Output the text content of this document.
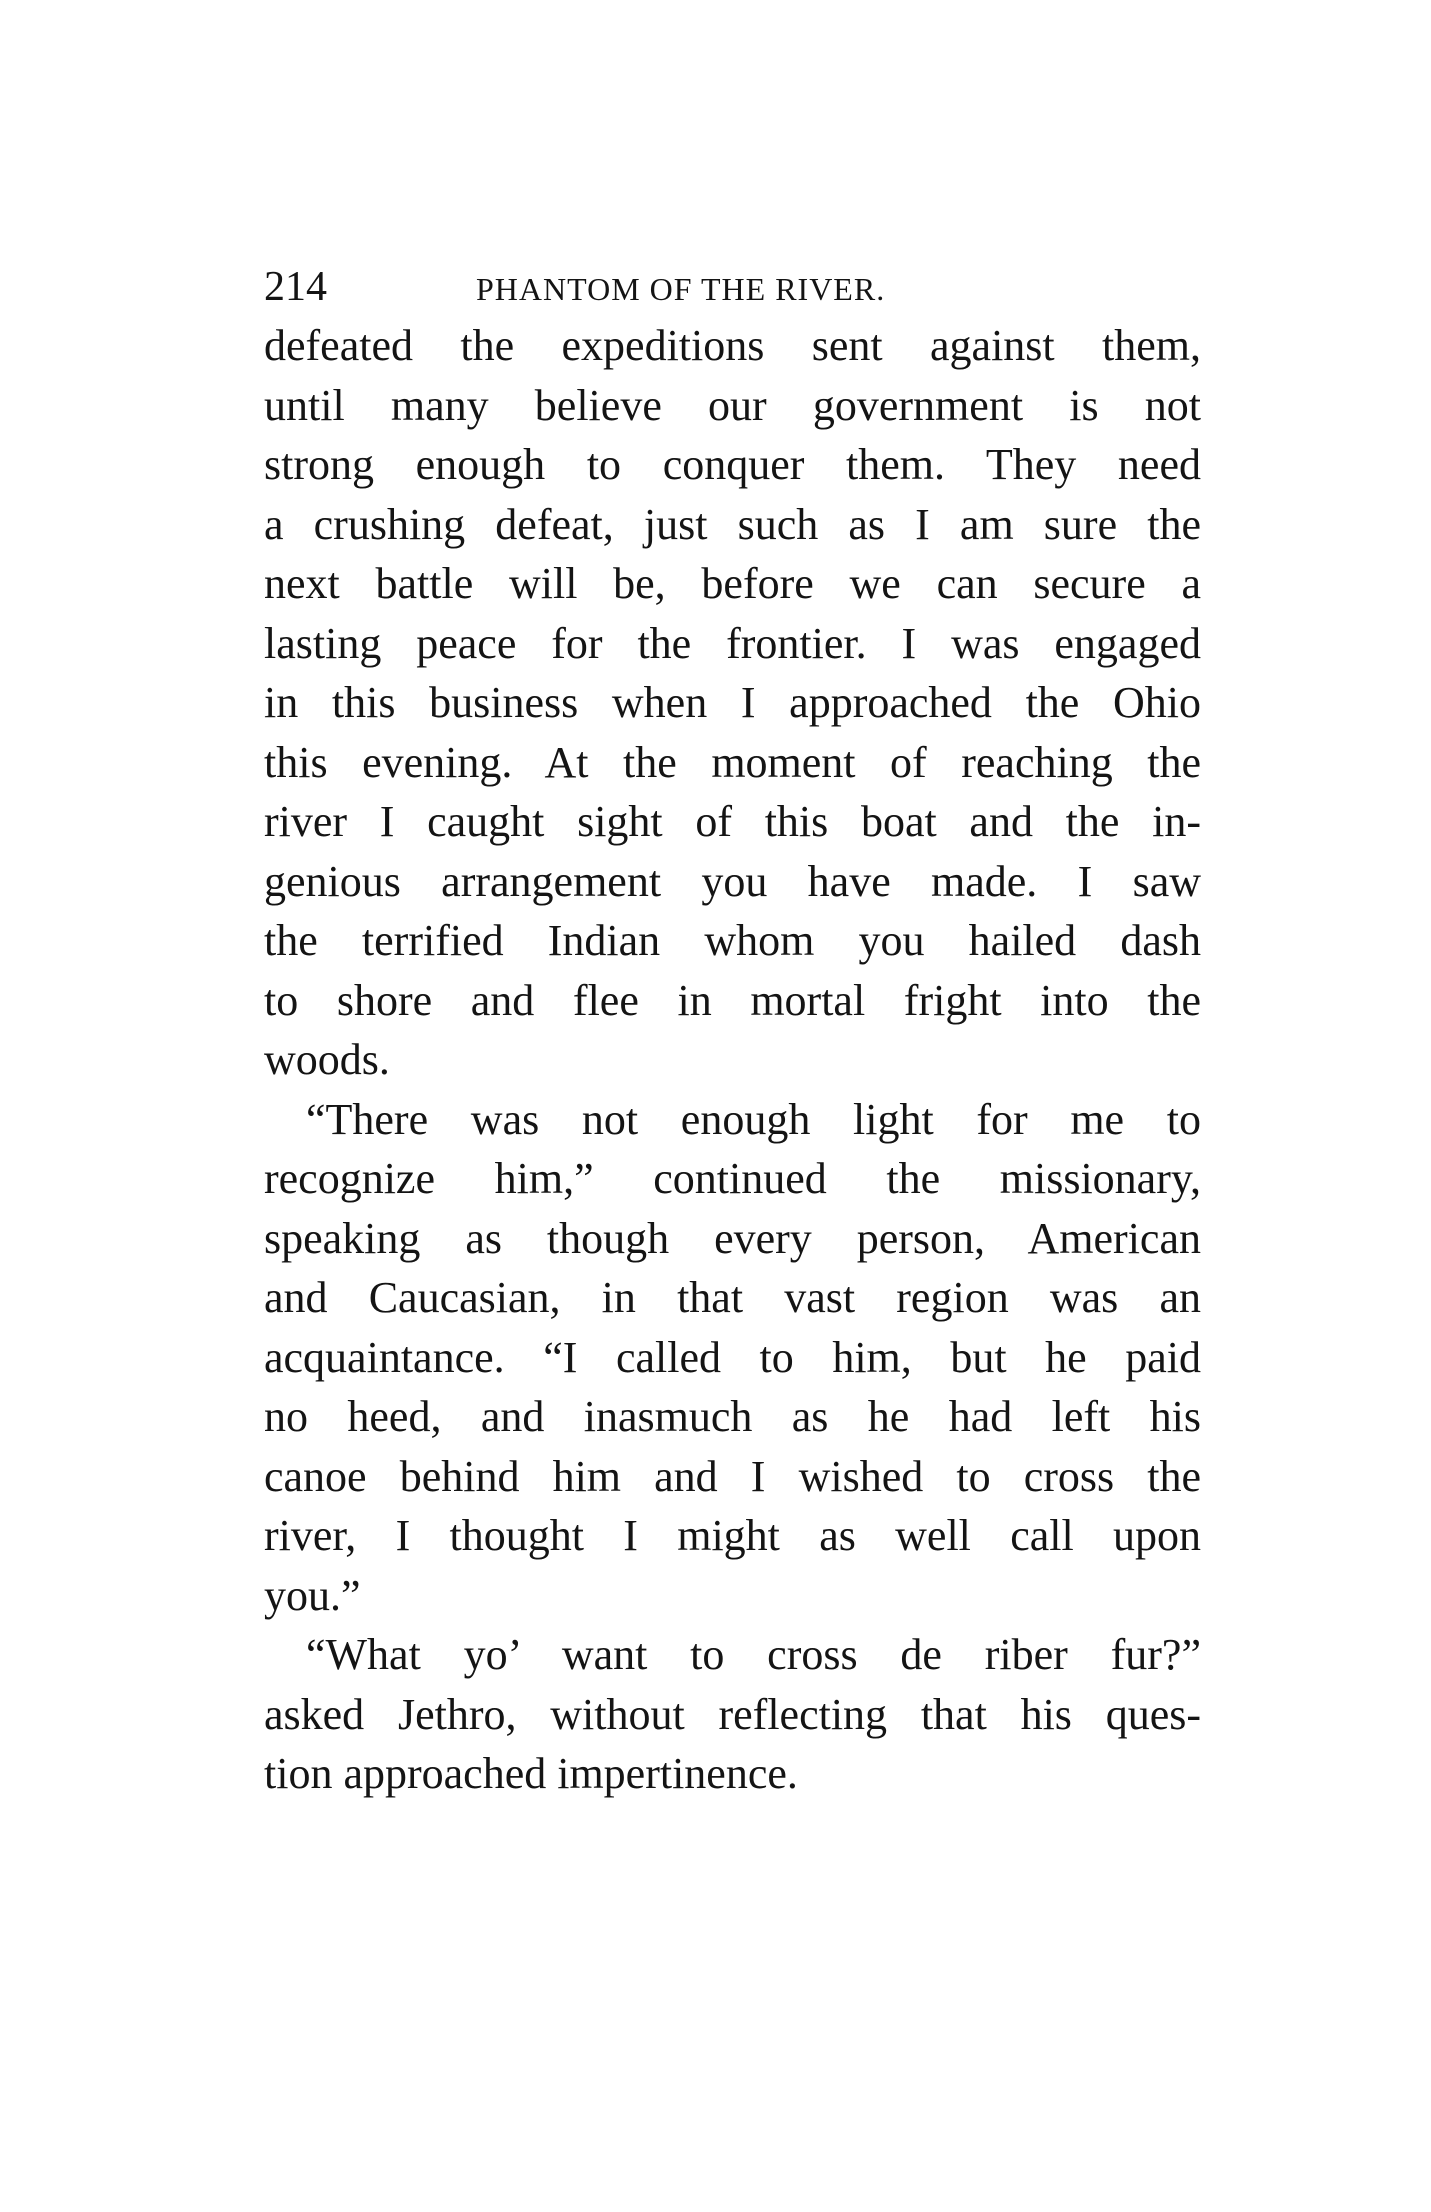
214	PHANTOM OF THE RIVER.
defeated the expeditions sent against them,
until many believe our government is not
strong enough to conquer them. They need
a crushing defeat, just such as I am sure the
next battle will be, before we can secure a
lasting peace for the frontier. I was engaged
in this business when I approached the Ohio
this evening. At the moment of reaching the
river I caught sight of this boat and the in-
genious arrangement you have made. I saw
the terrified Indian whom you hailed dash
to shore and flee in mortal fright into the
woods.
“There was not enough light for me to
recognize him,” continued the missionary,
speaking as though every person, American
and Caucasian, in that vast region was an
acquaintance. “I called to him, but he paid
no heed, and inasmuch as he had left his
canoe behind him and I wished to cross the
river, I thought I might as well call upon
you.”
“What yo’ want to cross de riber fur?”
asked Jethro, without reflecting that his ques-
tion approached impertinence.
